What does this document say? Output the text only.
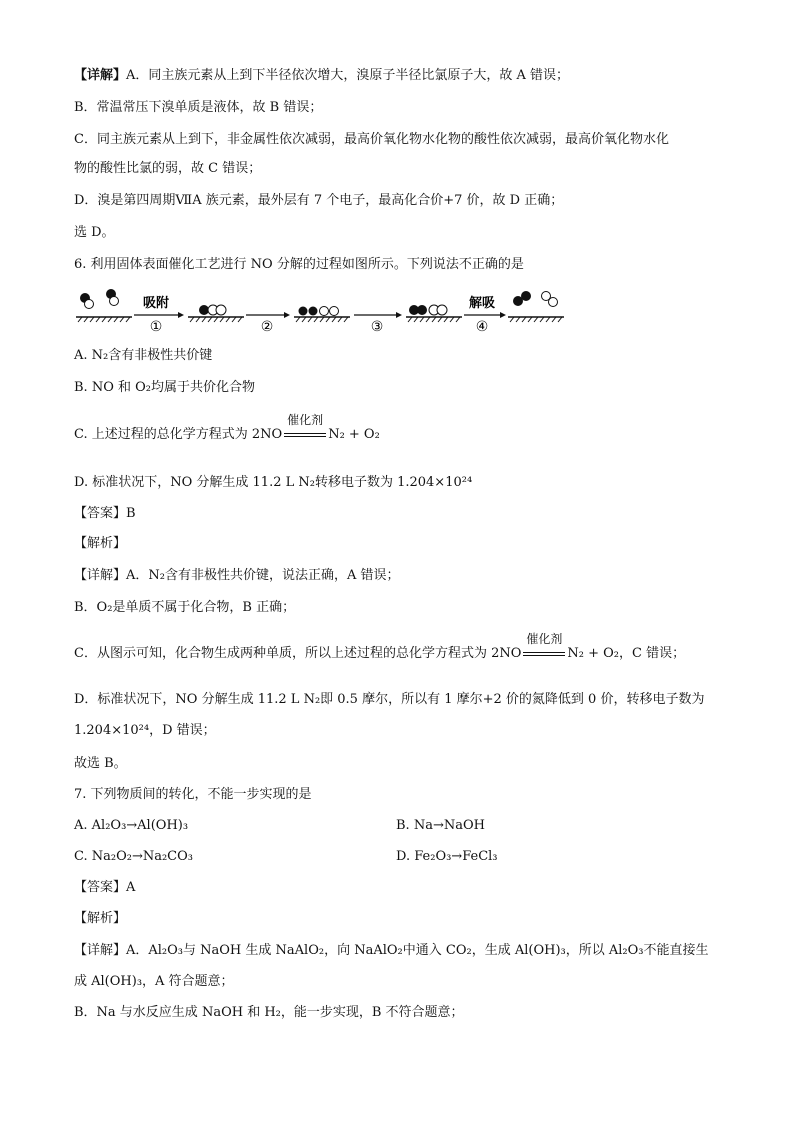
【详解】A．同主族元素从上到下半径依次增大，溴原子半径比氯原子大，故 A 错误；
B．常温常压下溴单质是液体，故 B 错误；
C．同主族元素从上到下，非金属性依次减弱，最高价氧化物水化物的酸性依次减弱，最高价氧化物水化
物的酸性比氯的弱，故 C 错误；
D．溴是第四周期ⅦA 族元素，最外层有 7 个电子，最高化合价+7 价，故 D 正确；
选 D。
6. 利用固体表面催化工艺进行 NO 分解的过程如图所示。下列说法不正确的是
吸附
①	②	③
解吸
④
A. N₂含有非极性共价键
B. NO 和 O₂均属于共价化合物
C. 上述过程的总化学方程式为 2NO
催化剂
N₂ + O₂
D. 标准状况下，NO 分解生成 11.2 L N₂转移电子数为 1.204×10²⁴
【答案】B
【解析】
【详解】A．N₂含有非极性共价键，说法正确，A 错误；
B．O₂是单质不属于化合物，B 正确；
C．从图示可知，化合物生成两种单质，所以上述过程的总化学方程式为 2NO
催化剂
N₂ + O₂，C 错误；
D．标准状况下，NO 分解生成 11.2 L N₂即 0.5 摩尔，所以有 1 摩尔+2 价的氮降低到 0 价，转移电子数为
1.204×10²⁴，D 错误；
故选 B。
7. 下列物质间的转化，不能一步实现的是
A. Al₂O₃→Al(OH)₃	B. Na→NaOH
C. Na₂O₂→Na₂CO₃	D. Fe₂O₃→FeCl₃
【答案】A
【解析】
【详解】A．Al₂O₃与 NaOH 生成 NaAlO₂，向 NaAlO₂中通入 CO₂，生成 Al(OH)₃，所以 Al₂O₃不能直接生
成 Al(OH)₃，A 符合题意；
B．Na 与水反应生成 NaOH 和 H₂，能一步实现，B 不符合题意；
